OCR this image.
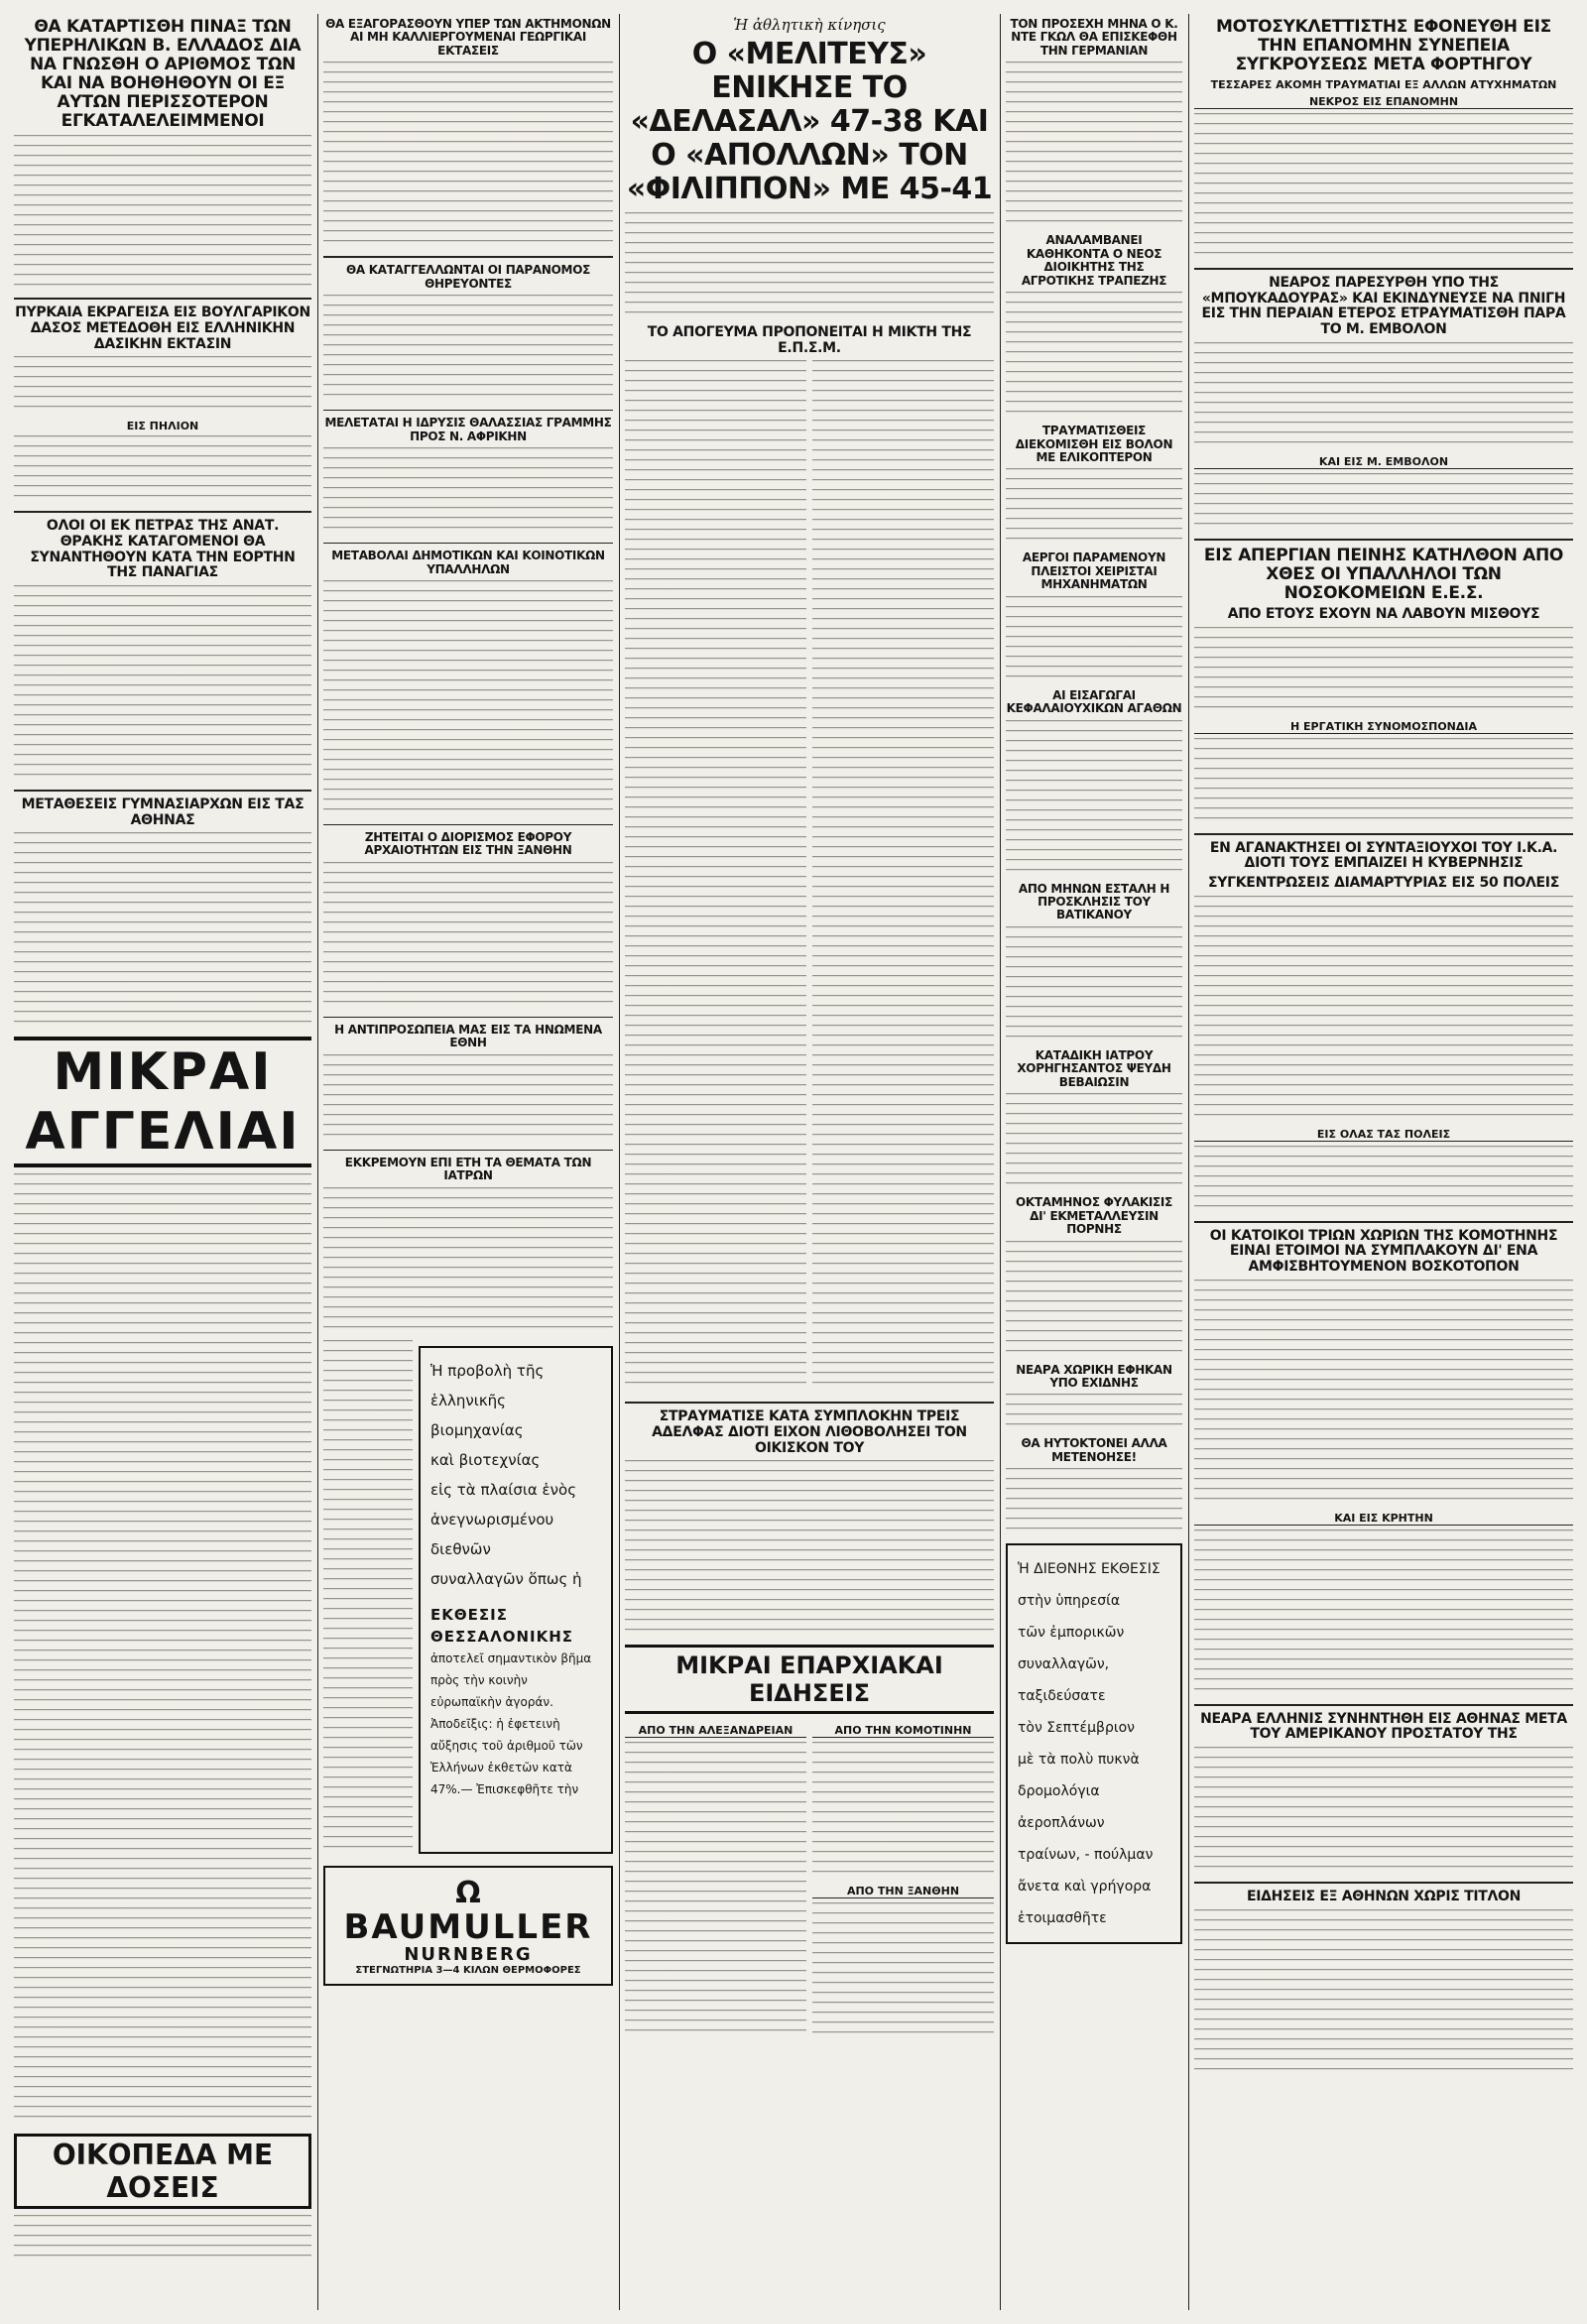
ΘΑ ΚΑΤΑΡΤΙΣΘΗ ΠΙΝΑΞ ΤΩΝ ΥΠΕΡΗΛΙΚΩΝ Β. ΕΛΛΑΔΟΣ ΔΙΑ ΝΑ ΓΝΩΣΘΗ Ο ΑΡΙΘΜΟΣ ΤΩΝ ΚΑΙ ΝΑ ΒΟΗΘΗΘΟΥΝ ΟΙ ΕΞ ΑΥΤΩΝ ΠΕΡΙΣΣΟΤΕΡΟΝ ΕΓΚΑΤΑΛΕΛΕΙΜΜΕΝΟΙ
ΠΥΡΚΑΙΑ ΕΚΡΑΓΕΙΣΑ ΕΙΣ ΒΟΥΛΓΑΡΙΚΟΝ ΔΑΣΟΣ ΜΕΤΕΔΟΘΗ ΕΙΣ ΕΛΛΗΝΙΚΗΝ ΔΑΣΙΚΗΝ ΕΚΤΑΣΙΝ
ΕΙΣ ΠΗΛΙΟΝ
ΟΛΟΙ ΟΙ ΕΚ ΠΕΤΡΑΣ ΤΗΣ ΑΝΑΤ. ΘΡΑΚΗΣ ΚΑΤΑΓΟΜΕΝΟΙ ΘΑ ΣΥΝΑΝΤΗΘΟΥΝ ΚΑΤΑ ΤΗΝ ΕΟΡΤΗΝ ΤΗΣ ΠΑΝΑΓΙΑΣ
ΜΕΤΑΘΕΣΕΙΣ ΓΥΜΝΑΣΙΑΡΧΩΝ ΕΙΣ ΤΑΣ ΑΘΗΝΑΣ
ΜΙΚΡΑΙ ΑΓΓΕΛΙΑΙ
ΟΙΚΟΠΕΔΑ ΜΕ ΔΟΣΕΙΣ
ΘΑ ΕΞΑΓΟΡΑΣΘΟΥΝ ΥΠΕΡ ΤΩΝ ΑΚΤΗΜΟΝΩΝ ΑΙ ΜΗ ΚΑΛΛΙΕΡΓΟΥΜΕΝΑΙ ΓΕΩΡΓΙΚΑΙ ΕΚΤΑΣΕΙΣ
ΘΑ ΚΑΤΑΓΓΕΛΛΩΝΤΑΙ ΟΙ ΠΑΡΑΝΟΜΟΣ ΘΗΡΕΥΟΝΤΕΣ
ΜΕΛΕΤΑΤΑΙ Η ΙΔΡΥΣΙΣ ΘΑΛΑΣΣΙΑΣ ΓΡΑΜΜΗΣ ΠΡΟΣ Ν. ΑΦΡΙΚΗΝ
ΜΕΤΑΒΟΛΑΙ ΔΗΜΟΤΙΚΩΝ ΚΑΙ ΚΟΙΝΟΤΙΚΩΝ ΥΠΑΛΛΗΛΩΝ
ΖΗΤΕΙΤΑΙ Ο ΔΙΟΡΙΣΜΟΣ ΕΦΟΡΟΥ ΑΡΧΑΙΟΤΗΤΩΝ ΕΙΣ ΤΗΝ ΞΑΝΘΗΝ
Η ΑΝΤΙΠΡΟΣΩΠΕΙΑ ΜΑΣ ΕΙΣ ΤΑ ΗΝΩΜΕΝΑ ΕΘΝΗ
ΕΚΚΡΕΜΟΥΝ ΕΠΙ ΕΤΗ ΤΑ ΘΕΜΑΤΑ ΤΩΝ ΙΑΤΡΩΝ
Ἡ προβολὴ τῆς
ἑλληνικῆς βιομηχανίας
καὶ βιοτεχνίας
εἰς τὰ πλαίσια ἑνὸς
ἀνεγνωρισμένου
διεθνῶν
συναλλαγῶν ὅπως ἡ
ΕΚΘΕΣΙΣ ΘΕΣΣΑΛΟΝΙΚΗΣ
ἀποτελεῖ σημαντικὸν βῆμα πρὸς τὴν κοινὴν εὐρωπαϊκὴν ἀγοράν. Ἀποδεῖξις: ἡ ἐφετεινὴ αὔξησις τοῦ ἀριθμοῦ τῶν Ἑλλήνων ἐκθετῶν κατὰ 47%.— Ἐπισκεφθῆτε τὴν
Ω
BAUMULLER
NURNBERG
ΣΤΕΓΝΩΤΗΡΙΑ 3—4 ΚΙΛΩΝ ΘΕΡΜΟΦΟΡΕΣ
Ἡ ἀθλητικὴ κίνησις
Ο «ΜΕΛΙΤΕΥΣ» ΕΝΙΚΗΣΕ ΤΟ «ΔΕΛΑΣΑΛ» 47-38 ΚΑΙ Ο «ΑΠΟΛΛΩΝ» ΤΟΝ «ΦΙΛΙΠΠΟΝ» ΜΕ 45-41
ΤΟ ΑΠΟΓΕΥΜΑ ΠΡΟΠΟΝΕΙΤΑΙ Η ΜΙΚΤΗ ΤΗΣ Ε.Π.Σ.Μ.
ΣΤΡΑΥΜΑΤΙΣΕ ΚΑΤΑ ΣΥΜΠΛΟΚΗΝ ΤΡΕΙΣ ΑΔΕΛΦΑΣ ΔΙΟΤΙ ΕΙΧΟΝ ΛΙΘΟΒΟΛΗΣΕΙ ΤΟΝ ΟΙΚΙΣΚΟΝ ΤΟΥ
ΜΙΚΡΑΙ ΕΠΑΡΧΙΑΚΑΙ ΕΙΔΗΣΕΙΣ
ΑΠΟ ΤΗΝ ΑΛΕΞΑΝΔΡΕΙΑΝ	ΑΠΟ ΤΗΝ ΚΟΜΟΤΙΝΗΝ
ΑΠΟ ΤΗΝ ΞΑΝΘΗΝ
ΤΟΝ ΠΡΟΣΕΧΗ ΜΗΝΑ Ο Κ. ΝΤΕ ΓΚΩΛ ΘΑ ΕΠΙΣΚΕΦΘΗ ΤΗΝ ΓΕΡΜΑΝΙΑΝ
ΑΝΑΛΑΜΒΑΝΕΙ ΚΑΘΗΚΟΝΤΑ Ο ΝΕΟΣ ΔΙΟΙΚΗΤΗΣ ΤΗΣ ΑΓΡΟΤΙΚΗΣ ΤΡΑΠΕΖΗΣ
ΤΡΑΥΜΑΤΙΣΘΕΙΣ ΔΙΕΚΟΜΙΣΘΗ ΕΙΣ ΒΟΛΟΝ ΜΕ ΕΛΙΚΟΠΤΕΡΟΝ
ΑΕΡΓΟΙ ΠΑΡΑΜΕΝΟΥΝ ΠΛΕΙΣΤΟΙ ΧΕΙΡΙΣΤΑΙ ΜΗΧΑΝΗΜΑΤΩΝ
ΑΙ ΕΙΣΑΓΩΓΑΙ ΚΕΦΑΛΑΙΟΥΧΙΚΩΝ ΑΓΑΘΩΝ
ΑΠΟ ΜΗΝΩΝ ΕΣΤΑΛΗ Η ΠΡΟΣΚΛΗΣΙΣ ΤΟΥ ΒΑΤΙΚΑΝΟΥ
ΚΑΤΑΔΙΚΗ ΙΑΤΡΟΥ ΧΟΡΗΓΗΣΑΝΤΟΣ ΨΕΥΔΗ ΒΕΒΑΙΩΣΙΝ
ΟΚΤΑΜΗΝΟΣ ΦΥΛΑΚΙΣΙΣ ΔΙ' ΕΚΜΕΤΑΛΛΕΥΣΙΝ ΠΟΡΝΗΣ
ΝΕΑΡΑ ΧΩΡΙΚΗ ΕΦΗΚΑΝ ΥΠΟ ΕΧΙΔΝΗΣ
ΘΑ ΗΥΤΟΚΤΟΝΕΙ ΑΛΛΑ ΜΕΤΕΝΟΗΣΕ!
Ἡ ΔΙΕΘΝΗΣ ΕΚΘΕΣΙΣ
στὴν ὑπηρεσία
τῶν ἐμπορικῶν
συναλλαγῶν,
ταξιδεύσατε
τὸν Σεπτέμβριον
μὲ τὰ πολὺ πυκνὰ
δρομολόγια
ἀεροπλάνων
τραίνων, - πούλμαν
ἄνετα καὶ γρήγορα
ἑτοιμασθῆτε
ΜΟΤΟΣΥΚΛΕΤΤΙΣΤΗΣ ΕΦΟΝΕΥΘΗ ΕΙΣ ΤΗΝ ΕΠΑΝΟΜΗΝ ΣΥΝΕΠΕΙΑ ΣΥΓΚΡΟΥΣΕΩΣ ΜΕΤΑ ΦΟΡΤΗΓΟΥ
ΤΕΣΣΑΡΕΣ ΑΚΟΜΗ ΤΡΑΥΜΑΤΙΑΙ ΕΞ ΑΛΛΩΝ ΑΤΥΧΗΜΑΤΩΝ
ΝΕΚΡΟΣ ΕΙΣ ΕΠΑΝΟΜΗΝ
ΝΕΑΡΟΣ ΠΑΡΕΣΥΡΘΗ ΥΠΟ ΤΗΣ «ΜΠΟΥΚΑΔΟΥΡΑΣ» ΚΑΙ ΕΚΙΝΔΥΝΕΥΣΕ ΝΑ ΠΝΙΓΗ ΕΙΣ ΤΗΝ ΠΕΡΑΙΑΝ ΕΤΕΡΟΣ ΕΤΡΑΥΜΑΤΙΣΘΗ ΠΑΡΑ ΤΟ Μ. ΕΜΒΟΛΟΝ
ΚΑΙ ΕΙΣ Μ. ΕΜΒΟΛΟΝ
ΕΙΣ ΑΠΕΡΓΙΑΝ ΠΕΙΝΗΣ ΚΑΤΗΛΘΟΝ ΑΠΟ ΧΘΕΣ ΟΙ ΥΠΑΛΛΗΛΟΙ ΤΩΝ ΝΟΣΟΚΟΜΕΙΩΝ Ε.Ε.Σ.
ΑΠΟ ΕΤΟΥΣ ΕΧΟΥΝ ΝΑ ΛΑΒΟΥΝ ΜΙΣΘΟΥΣ
Η ΕΡΓΑΤΙΚΗ ΣΥΝΟΜΟΣΠΟΝΔΙΑ
ΕΝ ΑΓΑΝΑΚΤΗΣΕΙ ΟΙ ΣΥΝΤΑΞΙΟΥΧΟΙ ΤΟΥ Ι.Κ.Α. ΔΙΟΤΙ ΤΟΥΣ ΕΜΠΑΙΖΕΙ Η ΚΥΒΕΡΝΗΣΙΣ
ΣΥΓΚΕΝΤΡΩΣΕΙΣ ΔΙΑΜΑΡΤΥΡΙΑΣ ΕΙΣ 50 ΠΟΛΕΙΣ
ΕΙΣ ΟΛΑΣ ΤΑΣ ΠΟΛΕΙΣ
ΟΙ ΚΑΤΟΙΚΟΙ ΤΡΙΩΝ ΧΩΡΙΩΝ ΤΗΣ ΚΟΜΟΤΗΝΗΣ ΕΙΝΑΙ ΕΤΟΙΜΟΙ ΝΑ ΣΥΜΠΛΑΚΟΥΝ ΔΙ' ΕΝΑ ΑΜΦΙΣΒΗΤΟΥΜΕΝΟΝ ΒΟΣΚΟΤΟΠΟΝ
ΚΑΙ ΕΙΣ ΚΡΗΤΗΝ
ΝΕΑΡΑ ΕΛΛΗΝΙΣ ΣΥΝΗΝΤΗΘΗ ΕΙΣ ΑΘΗΝΑΣ ΜΕΤΑ ΤΟΥ ΑΜΕΡΙΚΑΝΟΥ ΠΡΟΣΤΑΤΟΥ ΤΗΣ
ΕΙΔΗΣΕΙΣ ΕΞ ΑΘΗΝΩΝ ΧΩΡΙΣ ΤΙΤΛΟΝ
